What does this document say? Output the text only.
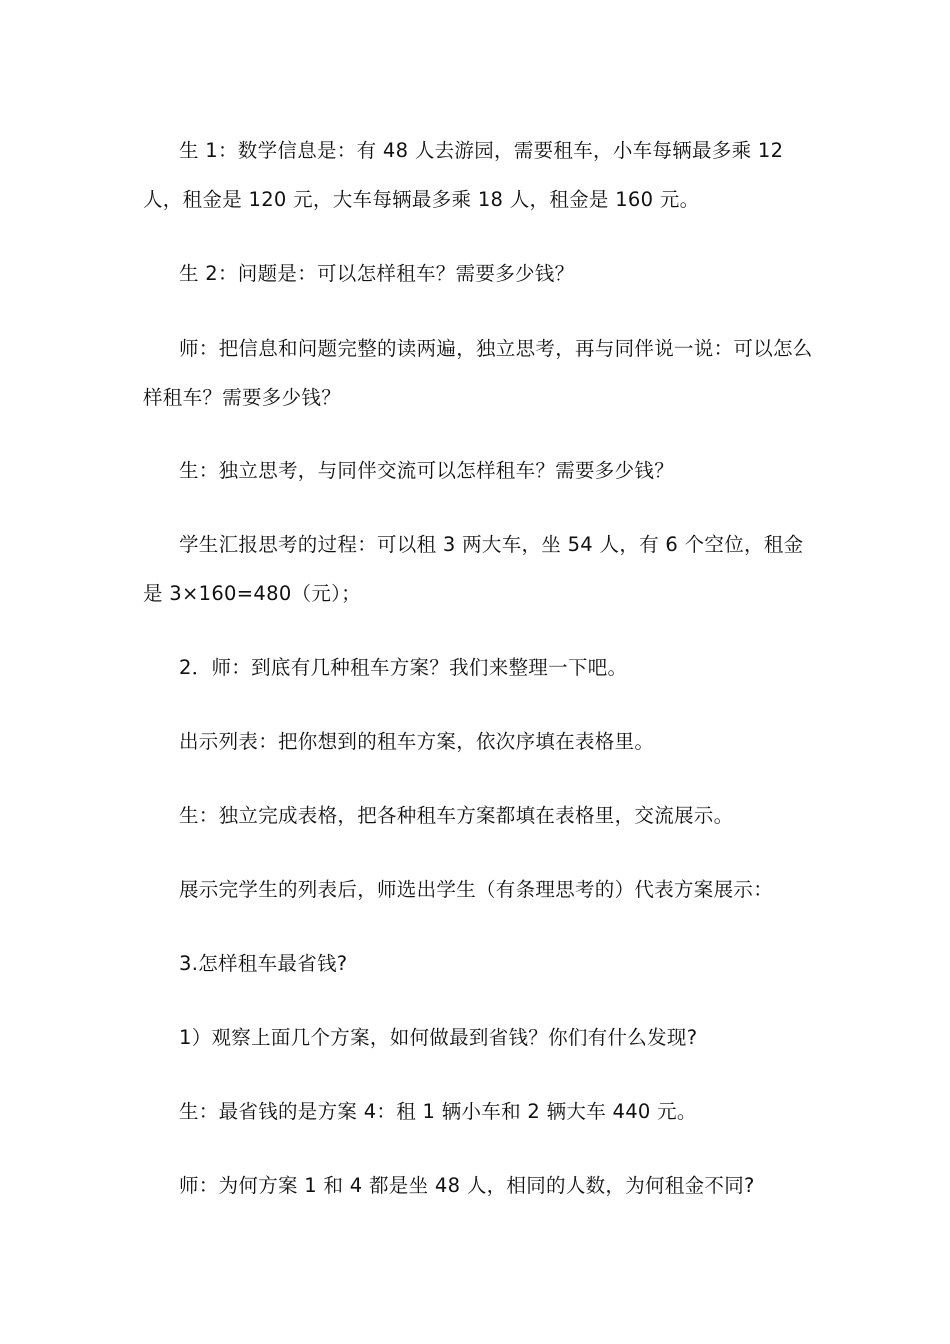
生 1：数学信息是：有 48 人去游园，需要租车，小车每辆最多乘 12 人，租金是 120 元，大车每辆最多乘 18 人，租金是 160 元。

生 2：问题是：可以怎样租车？需要多少钱？

师：把信息和问题完整的读两遍，独立思考，再与同伴说一说：可以怎么样租车？需要多少钱？

生：独立思考，与同伴交流可以怎样租车？需要多少钱？

学生汇报思考的过程：可以租 3 两大车，坐 54 人，有 6 个空位，租金是 3×160=480（元）；

2．师：到底有几种租车方案？我们来整理一下吧。

出示列表：把你想到的租车方案，依次序填在表格里。

生：独立完成表格，把各种租车方案都填在表格里，交流展示。

展示完学生的列表后，师选出学生（有条理思考的）代表方案展示：

3.怎样租车最省钱?

1）观察上面几个方案，如何做最到省钱？你们有什么发现?

生：最省钱的是方案 4：租 1 辆小车和 2 辆大车 440 元。

师：为何方案 1 和 4 都是坐 48 人，相同的人数，为何租金不同?
